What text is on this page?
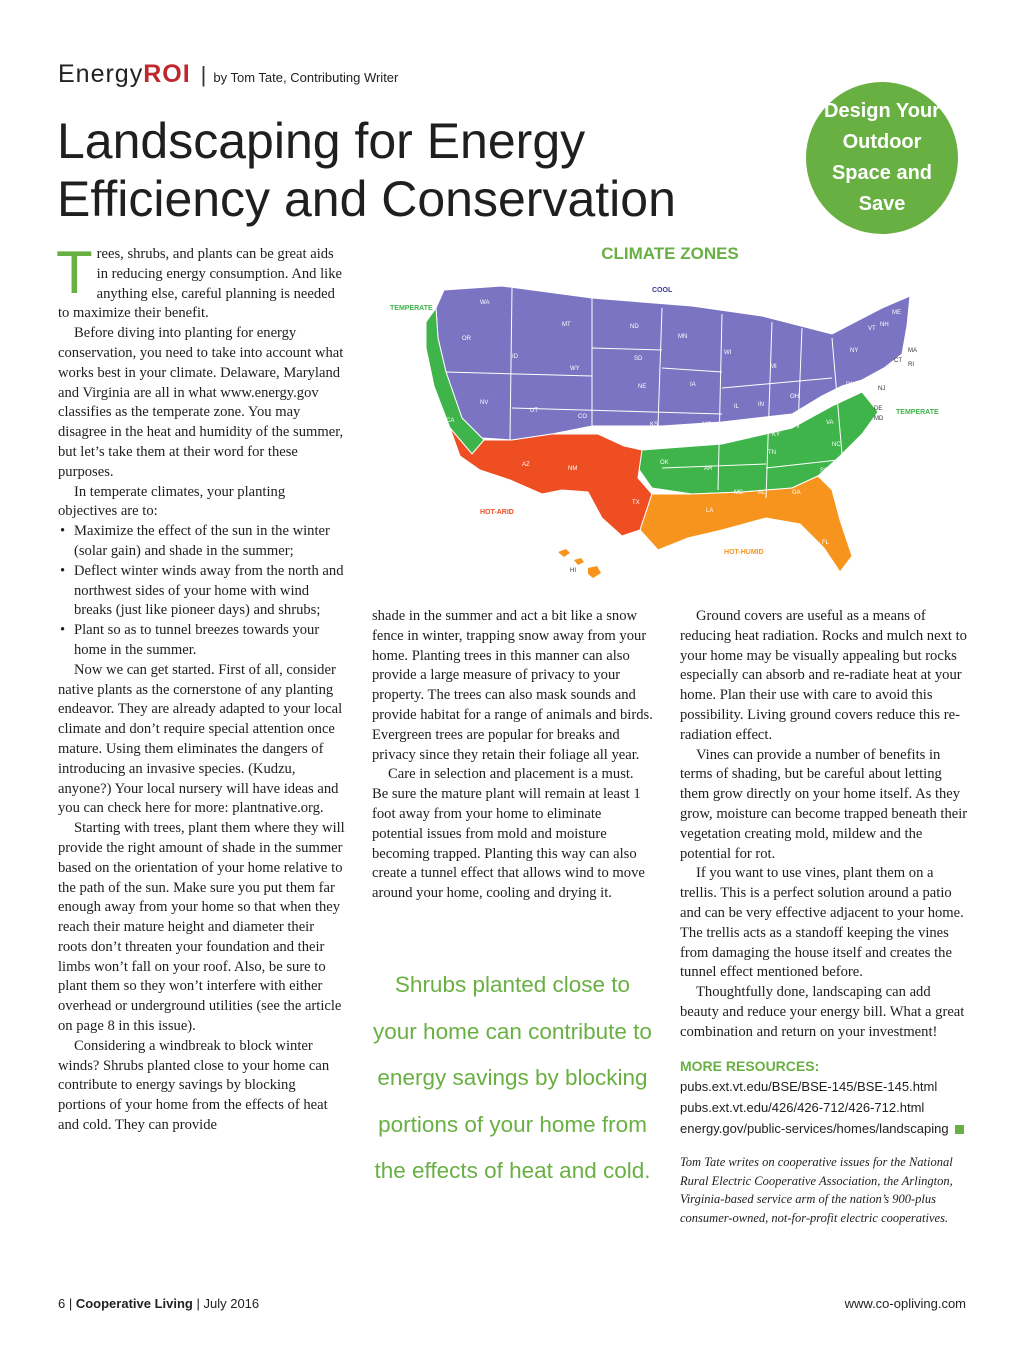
EnergyROI | by Tom Tate, Contributing Writer
Landscaping for Energy Efficiency and Conservation
Design Your Outdoor Space and Save

Trees, shrubs, and plants can be great aids in reducing energy consumption. And like anything else, careful planning is needed to maximize their benefit.

Before diving into planting for energy conservation, you need to take into account what works best in your climate. Delaware, Maryland and Virginia are all in what www.energy.gov classifies as the temperate zone. You may disagree in the heat and humidity of the summer, but let’s take them at their word for these purposes.

In temperate climates, your planting objectives are to:

• Maximize the effect of the sun in the winter (solar gain) and shade in the summer;
• Deflect winter winds away from the north and northwest sides of your home with wind breaks (just like pioneer days) and shrubs;
• Plant so as to tunnel breezes towards your home in the summer.

Now we can get started. First of all, consider native plants as the cornerstone of any planting endeavor. They are already adapted to your local climate and don’t require special attention once mature. Using them eliminates the dangers of introducing an invasive species. (Kudzu, anyone?) Your local nursery will have ideas and you can check here for more: plantnative.org.

Starting with trees, plant them where they will provide the right amount of shade in the summer based on the orientation of your home relative to the path of the sun. Make sure you put them far enough away from your home so that when they reach their mature height and diameter their roots don’t threaten your foundation and their limbs won’t fall on your roof. Also, be sure to plant them so they won’t interfere with either overhead or underground utilities (see the article on page 8 in this issue).

Considering a windbreak to block winter winds? Shrubs planted close to your home can contribute to energy savings by blocking portions of your home from the effects of heat and cold. They can provide

CLIMATE ZONES
COOL
TEMPERATE
TEMPERATE
HOT-ARID
HOT-HUMID
WA
OR
CA
ID
NV
MT
WY
UT
AZ
CO
NM
ND
SD
NE
KS
OK
TX
MN
IA
MO
AR
LA
WI
IL
MI
IN
OH
KY
TN
MS	AL	GA
FL
SC
NC
VA
WV
PA
NY
VT
NH
ME
MA
RI
CT
NJ
DE
MD
HI

shade in the summer and act a bit like a snow fence in winter, trapping snow away from your home. Planting trees in this manner can also provide a large measure of privacy to your property. The trees can also mask sounds and provide habitat for a range of animals and birds. Evergreen trees are popular for breaks and privacy since they retain their foliage all year.

Care in selection and placement is a must. Be sure the mature plant will remain at least 1 foot away from your home to eliminate potential issues from mold and moisture becoming trapped. Planting this way can also create a tunnel effect that allows wind to move around your home, cooling and drying it.

Shrubs planted close to your home can contribute to energy savings by blocking portions of your home from the effects of heat and cold.

Ground covers are useful as a means of reducing heat radiation. Rocks and mulch next to your home may be visually appealing but rocks especially can absorb and re-radiate heat at your home. Plan their use with care to avoid this possibility. Living ground covers reduce this re-radiation effect.

Vines can provide a number of benefits in terms of shading, but be careful about letting them grow directly on your home itself. As they grow, moisture can become trapped beneath their vegetation creating mold, mildew and the potential for rot.

If you want to use vines, plant them on a trellis. This is a perfect solution around a patio and can be very effective adjacent to your home. The trellis acts as a standoff keeping the vines from damaging the house itself and creates the tunnel effect mentioned before.

Thoughtfully done, landscaping can add beauty and reduce your energy bill. What a great combination and return on your investment!

MORE RESOURCES:
pubs.ext.vt.edu/BSE/BSE-145/BSE-145.html
pubs.ext.vt.edu/426/426-712/426-712.html
energy.gov/public-services/homes/landscaping
Tom Tate writes on cooperative issues for the National Rural Electric Cooperative Association, the Arlington, Virginia-based service arm of the nation’s 900-plus consumer-owned, not-for-profit electric cooperatives.
6 | Cooperative Living | July 2016	www.co-opliving.com
